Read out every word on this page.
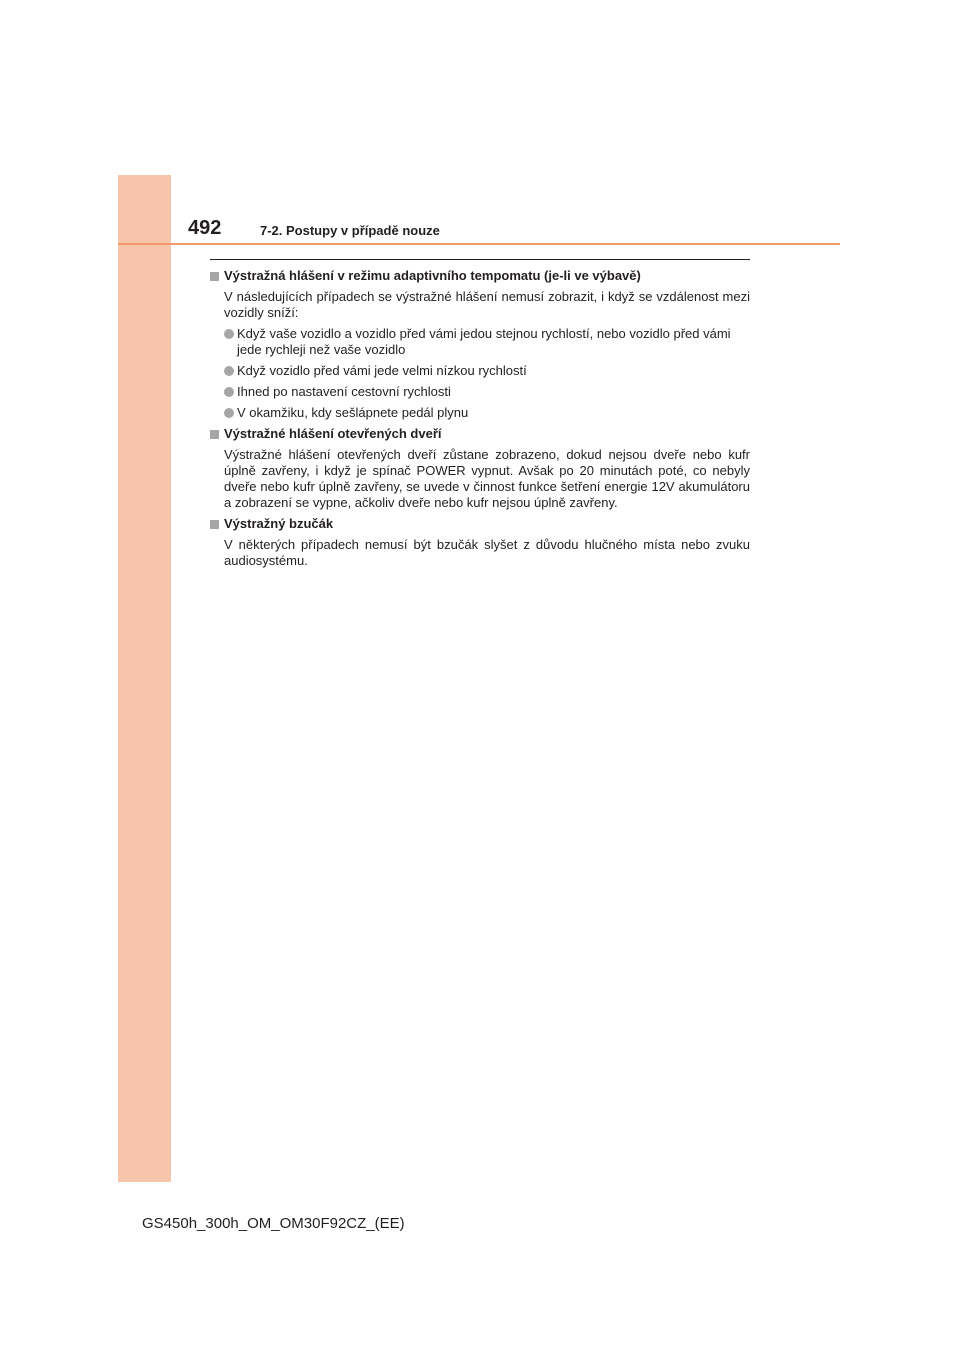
492	7-2. Postupy v případě nouze
Výstražná hlášení v režimu adaptivního tempomatu (je-li ve výbavě)
V následujících případech se výstražné hlášení nemusí zobrazit, i když se vzdálenost mezi vozidly sníží:
Když vaše vozidlo a vozidlo před vámi jedou stejnou rychlostí, nebo vozidlo před vámi jede rychleji než vaše vozidlo
Když vozidlo před vámi jede velmi nízkou rychlostí
Ihned po nastavení cestovní rychlosti
V okamžiku, kdy sešlápnete pedál plynu
Výstražné hlášení otevřených dveří
Výstražné hlášení otevřených dveří zůstane zobrazeno, dokud nejsou dveře nebo kufr úplně zavřeny, i když je spínač POWER vypnut. Avšak po 20 minutách poté, co nebyly dveře nebo kufr úplně zavřeny, se uvede v činnost funkce šetření energie 12V akumulátoru a zobrazení se vypne, ačkoliv dveře nebo kufr nejsou úplně zavřeny.
Výstražný bzučák
V některých případech nemusí být bzučák slyšet z důvodu hlučného místa nebo zvuku audiosystému.
GS450h_300h_OM_OM30F92CZ_(EE)
